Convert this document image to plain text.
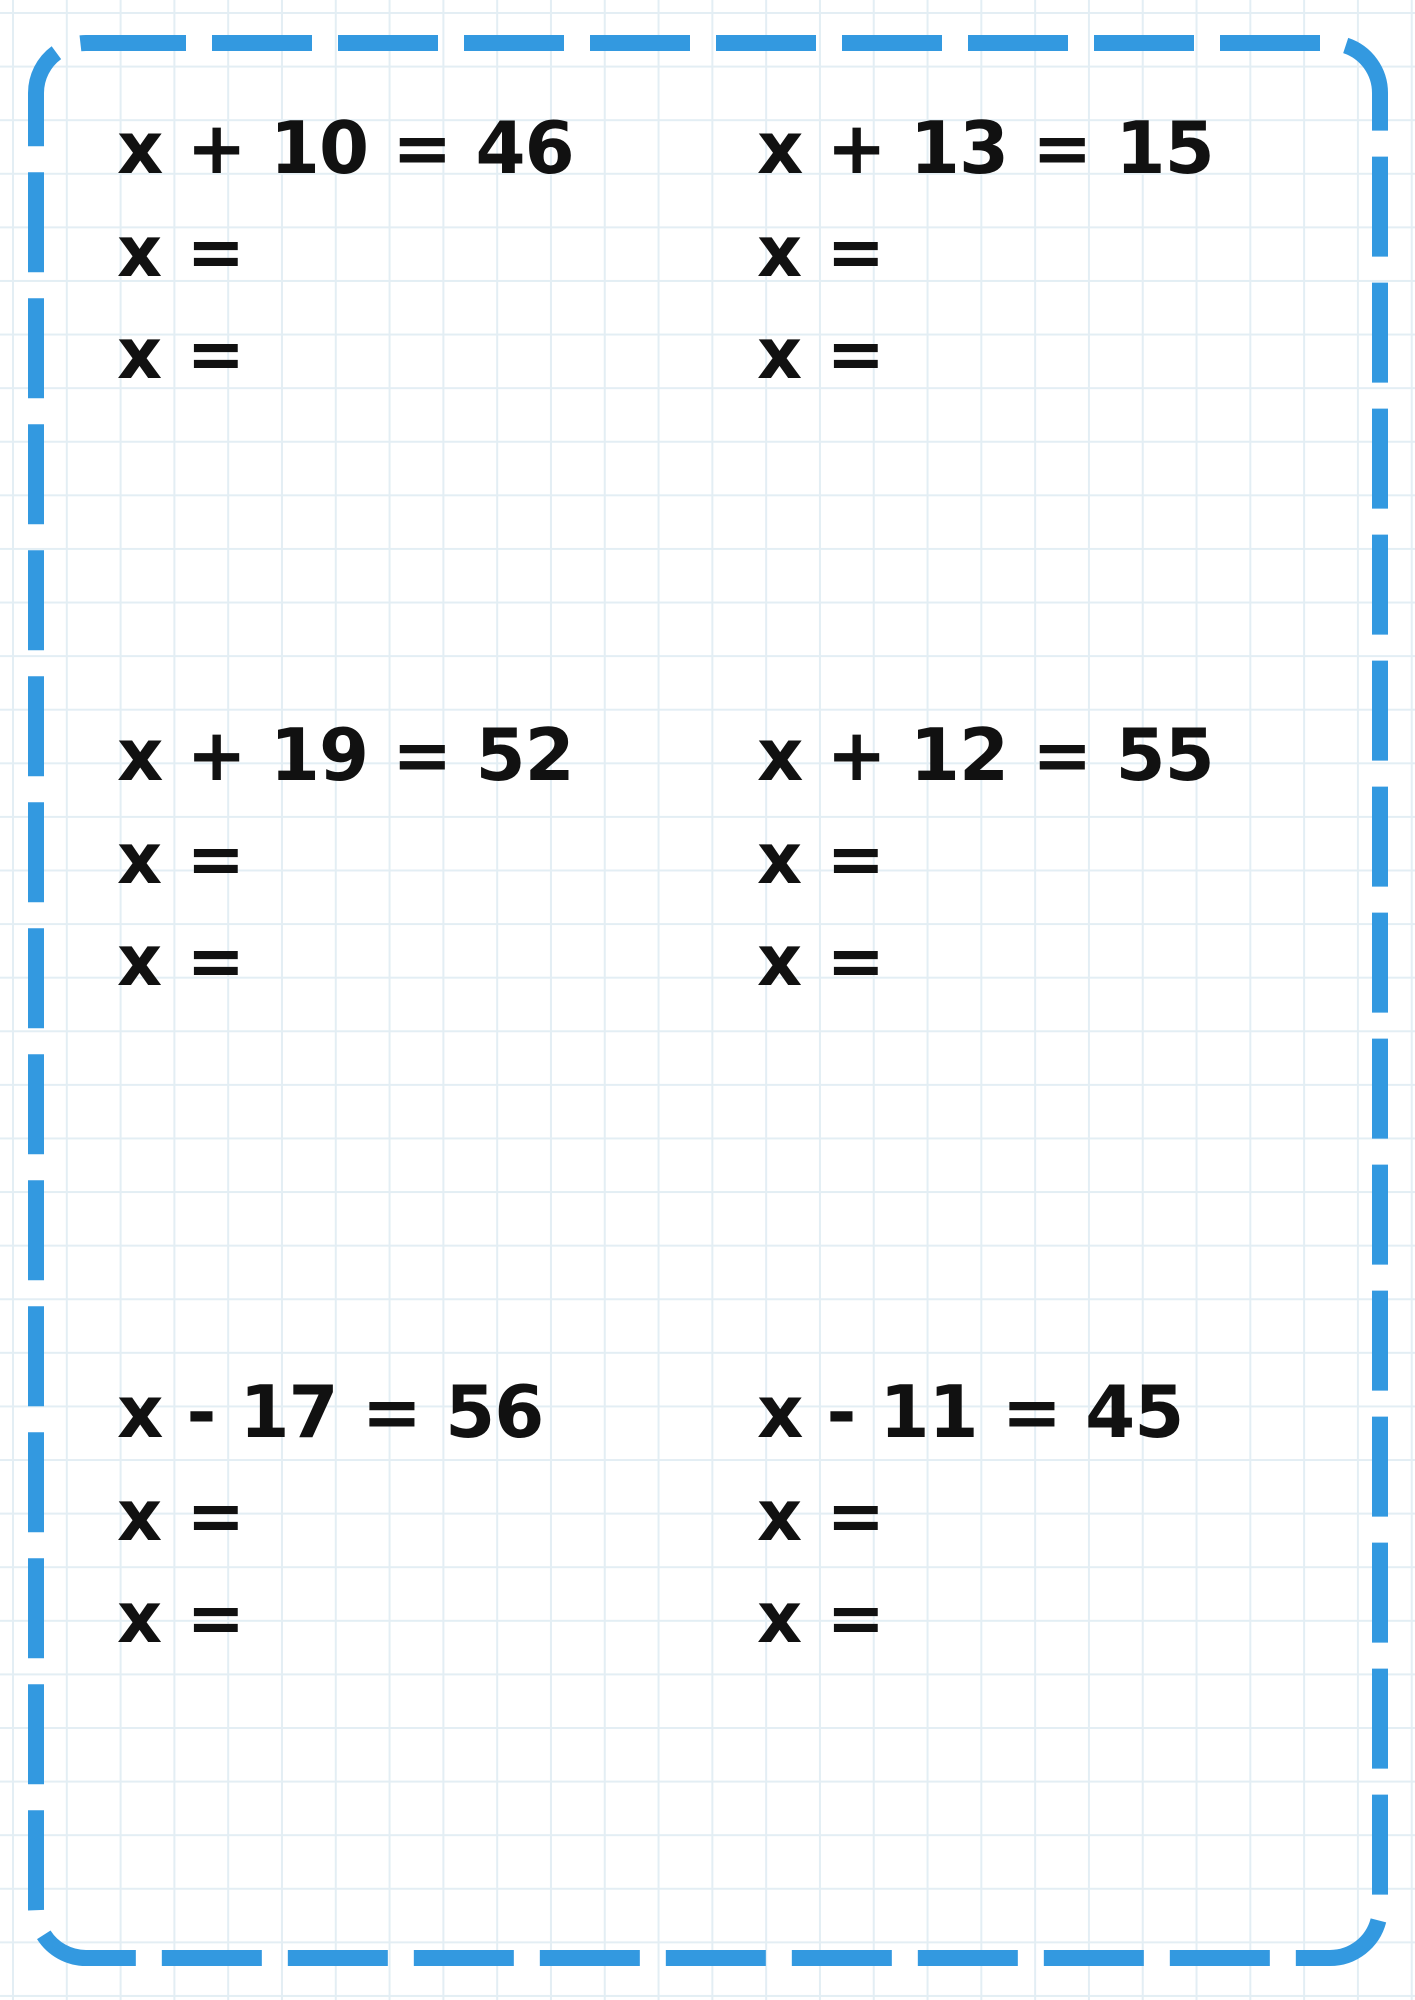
x + 10 = 46
x =
x =
x + 13 = 15
x =
x =
x + 19 = 52
x =
x =
x + 12 = 55
x =
x =
x - 17 = 56
x =
x =
x - 11 = 45
x =
x =
